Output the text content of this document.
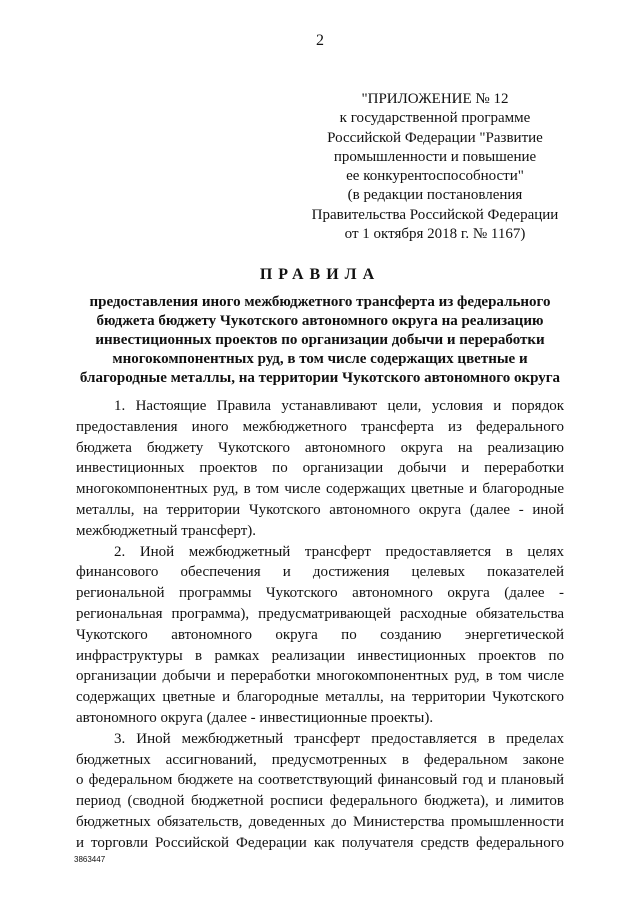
2
"ПРИЛОЖЕНИЕ № 12
к государственной программе
Российской Федерации "Развитие
промышленности и повышение
ее конкурентоспособности"
(в редакции постановления
Правительства Российской Федерации
от 1 октября 2018 г. № 1167)
ПРАВИЛА
предоставления иного межбюджетного трансферта из федерального
бюджета бюджету Чукотского автономного округа на реализацию
инвестиционных проектов по организации добычи и переработки
многокомпонентных руд, в том числе содержащих цветные и
благородные металлы, на территории Чукотского автономного округа
1. Настоящие Правила устанавливают цели, условия и порядок
предоставления иного межбюджетного трансферта из федерального
бюджета бюджету Чукотского автономного округа на реализацию
инвестиционных проектов по организации добычи и переработки
многокомпонентных руд, в том числе содержащих цветные и благородные
металлы, на территории Чукотского автономного округа (далее - иной
межбюджетный трансферт).
2. Иной межбюджетный трансферт предоставляется в целях
финансового обеспечения и достижения целевых показателей
региональной программы Чукотского автономного округа (далее -
региональная программа), предусматривающей расходные обязательства
Чукотского автономного округа по созданию энергетической
инфраструктуры в рамках реализации инвестиционных проектов по
организации добычи и переработки многокомпонентных руд, в том числе
содержащих цветные и благородные металлы, на территории Чукотского
автономного округа (далее - инвестиционные проекты).
3. Иной межбюджетный трансферт предоставляется в пределах
бюджетных ассигнований, предусмотренных в федеральном законе
о федеральном бюджете на соответствующий финансовый год и плановый
период (сводной бюджетной росписи федерального бюджета), и лимитов
бюджетных обязательств, доведенных до Министерства промышленности
и торговли Российской Федерации как получателя средств федерального
3863447
